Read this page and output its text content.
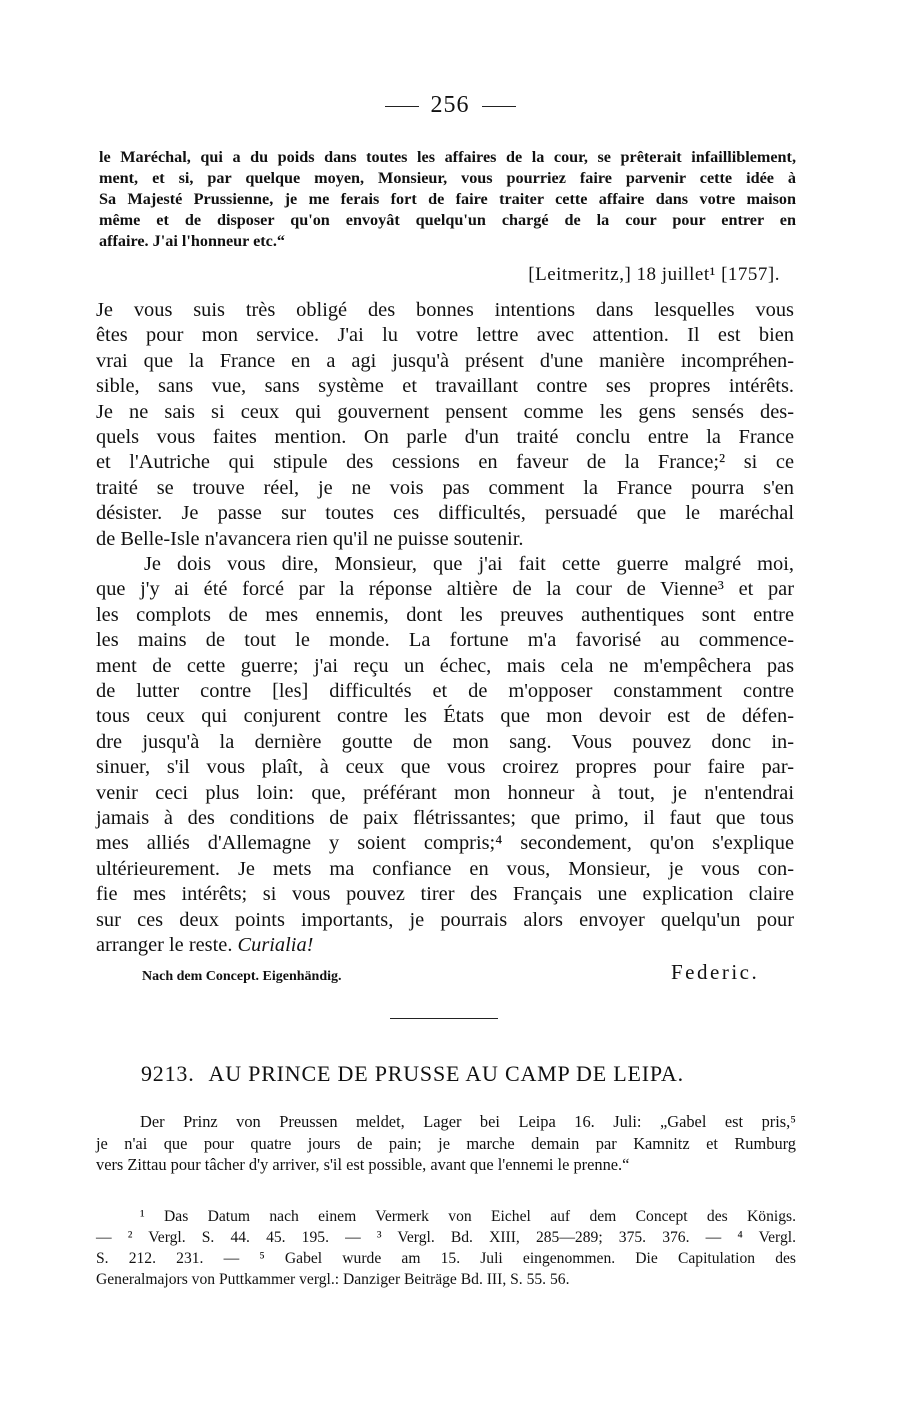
256

le Maréchal, qui a du poids dans toutes les affaires de la cour, se prêterait infailliblement,
ment, et si, par quelque moyen, Monsieur, vous pourriez faire parvenir cette idée à
Sa Majesté Prussienne, je me ferais fort de faire traiter cette affaire dans votre maison
même et de disposer qu'on envoyât quelqu'un chargé de la cour pour entrer en
affaire. J'ai l'honneur etc.“

[Leitmeritz,] 18 juillet¹ [1757].

Je vous suis très obligé des bonnes intentions dans lesquelles vous
êtes pour mon service. J'ai lu votre lettre avec attention. Il est bien
vrai que la France en a agi jusqu'à présent d'une manière incompréhen-
sible, sans vue, sans système et travaillant contre ses propres intérêts.
Je ne sais si ceux qui gouvernent pensent comme les gens sensés des-
quels vous faites mention. On parle d'un traité conclu entre la France
et l'Autriche qui stipule des cessions en faveur de la France;² si ce
traité se trouve réel, je ne vois pas comment la France pourra s'en
désister. Je passe sur toutes ces difficultés, persuadé que le maréchal
de Belle-Isle n'avancera rien qu'il ne puisse soutenir.

Je dois vous dire, Monsieur, que j'ai fait cette guerre malgré moi,
que j'y ai été forcé par la réponse altière de la cour de Vienne³ et par
les complots de mes ennemis, dont les preuves authentiques sont entre
les mains de tout le monde. La fortune m'a favorisé au commence-
ment de cette guerre; j'ai reçu un échec, mais cela ne m'empêchera pas
de lutter contre [les] difficultés et de m'opposer constamment contre
tous ceux qui conjurent contre les États que mon devoir est de défen-
dre jusqu'à la dernière goutte de mon sang. Vous pouvez donc in-
sinuer, s'il vous plaît, à ceux que vous croirez propres pour faire par-
venir ceci plus loin: que, préférant mon honneur à tout, je n'entendrai
jamais à des conditions de paix flétrissantes; que primo, il faut que tous
mes alliés d'Allemagne y soient compris;⁴ secondement, qu'on s'explique
ultérieurement. Je mets ma confiance en vous, Monsieur, je vous con-
fie mes intérêts; si vous pouvez tirer des Français une explication claire
sur ces deux points importants, je pourrais alors envoyer quelqu'un pour
arranger le reste. Curialia!

Nach dem Concept. Eigenhändig.	Federic.
9213. AU PRINCE DE PRUSSE AU CAMP DE LEIPA.

Der Prinz von Preussen meldet, Lager bei Leipa 16. Juli: „Gabel est pris,⁵
je n'ai que pour quatre jours de pain; je marche demain par Kamnitz et Rumburg
vers Zittau pour tâcher d'y arriver, s'il est possible, avant que l'ennemi le prenne.“

¹ Das Datum nach einem Vermerk von Eichel auf dem Concept des Königs.
— ² Vergl. S. 44. 45. 195. — ³ Vergl. Bd. XIII, 285—289; 375. 376. — ⁴ Vergl.
S. 212. 231. — ⁵ Gabel wurde am 15. Juli eingenommen. Die Capitulation des
Generalmajors von Puttkammer vergl.: Danziger Beiträge Bd. III, S. 55. 56.
